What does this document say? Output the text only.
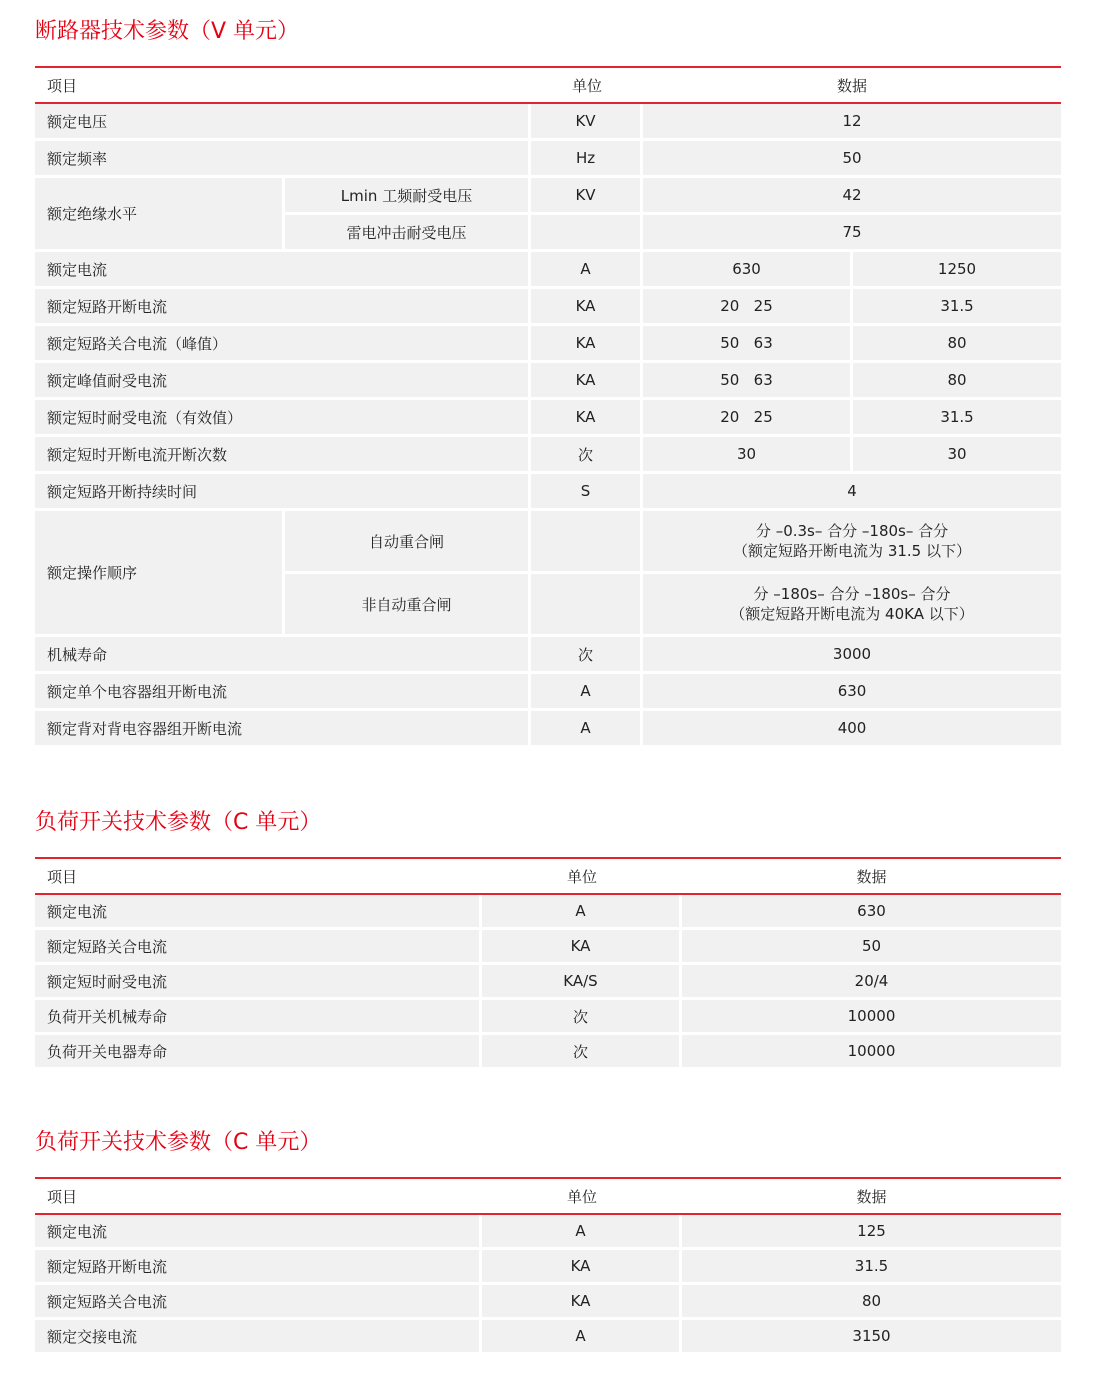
断路器技术参数（V 单元）
项目		单位	数据	
额定电压		KV	12	
额定频率		Hz	50	
额定绝缘水平	Lmin 工频耐受电压	KV	42	
	雷电冲击耐受电压		75	
额定电流		A	630	1250
额定短路开断电流		KA	20   25	31.5
额定短路关合电流（峰值）		KA	50   63	80
额定峰值耐受电流		KA	50   63	80
额定短时耐受电流（有效值）		KA	20   25	31.5
额定短时开断电流开断次数		次	30	30
额定短路开断持续时间		S	4	
额定操作顺序	自动重合闸		分 –0.3s– 合分 –180s– 合分
（额定短路开断电流为 31.5 以下）	

	非自动重合闸		分 –180s– 合分 –180s– 合分
（额定短路开断电流为 40KA 以下）	

机械寿命		次	3000	
额定单个电容器组开断电流		A	630	
额定背对背电容器组开断电流		A	400	
负荷开关技术参数（C 单元）
项目	单位	数据
额定电流	A	630
额定短路关合电流	KA	50
额定短时耐受电流	KA/S	20/4
负荷开关机械寿命	次	10000
负荷开关电器寿命	次	10000
负荷开关技术参数（C 单元）
项目	单位	数据
额定电流	A	125
额定短路开断电流	KA	31.5
额定短路关合电流	KA	80
额定交接电流	A	3150
